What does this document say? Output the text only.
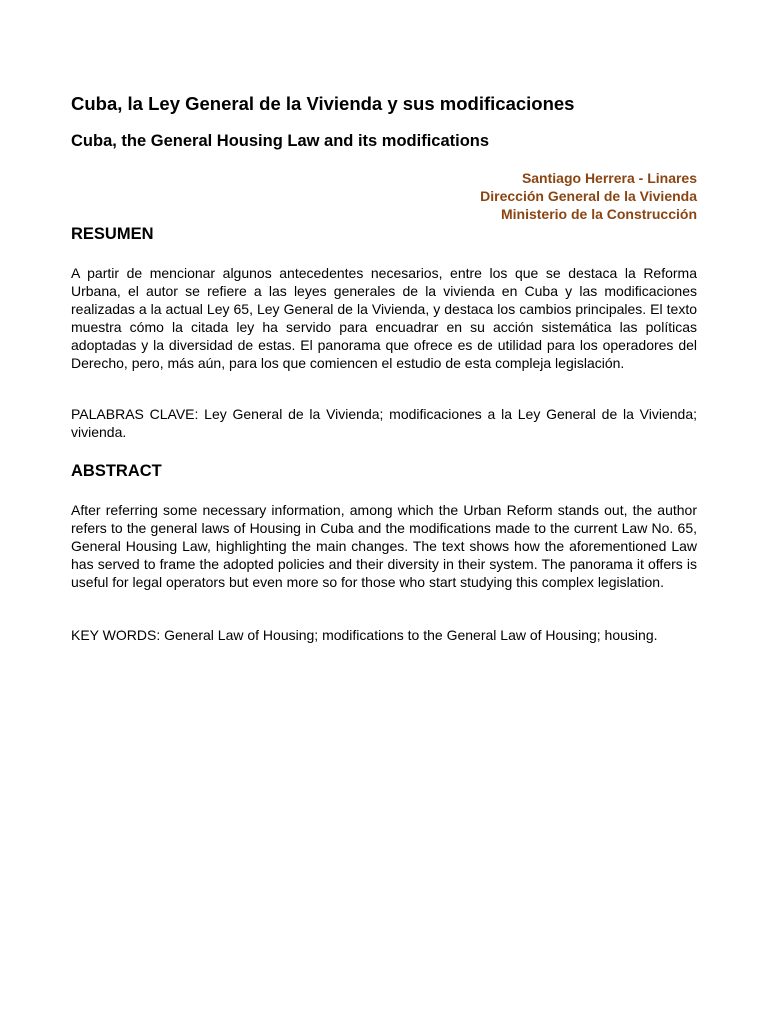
Cuba, la Ley General de la Vivienda y sus modificaciones
Cuba, the General Housing Law and its modifications
Santiago Herrera - Linares
Dirección General de la Vivienda
Ministerio de la Construcción
RESUMEN

A partir de mencionar algunos antecedentes necesarios, entre los que se destaca la Reforma Urbana, el autor se refiere a las leyes generales de la vivienda en Cuba y las modificaciones realizadas a la actual Ley 65, Ley General de la Vivienda, y destaca los cambios principales. El texto muestra cómo la citada ley ha servido para encuadrar en su acción sistemática las políticas adoptadas y la diversidad de estas. El panorama que ofrece es de utilidad para los operadores del Derecho, pero, más aún, para los que comiencen el estudio de esta compleja legislación.

PALABRAS CLAVE: Ley General de la Vivienda; modificaciones a la Ley General de la Vivienda; vivienda.

ABSTRACT

After referring some necessary information, among which the Urban Reform stands out, the author refers to the general laws of Housing in Cuba and the modifications made to the current Law No. 65, General Housing Law, highlighting the main changes. The text shows how the aforementioned Law has served to frame the adopted policies and their diversity in their system. The panorama it offers is useful for legal operators but even more so for those who start studying this complex legislation.

KEY WORDS: General Law of Housing; modifications to the General Law of Housing; housing.
